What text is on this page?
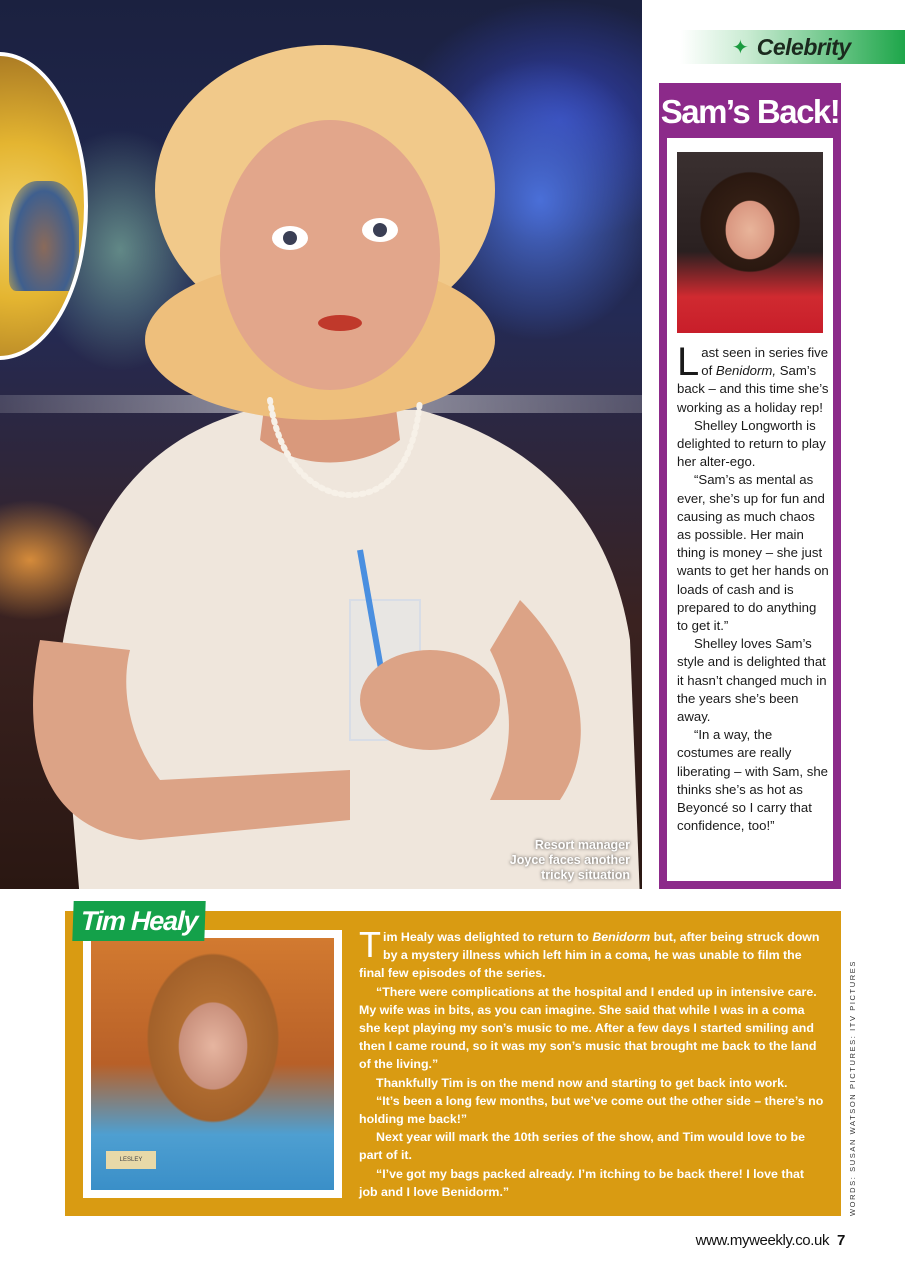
Resort manager
Joyce faces another
tricky situation
✦ Celebrity
Sam’s Back!

Last seen in series five of Benidorm, Sam’s back – and this time she’s working as a holiday rep!

Shelley Longworth is delighted to return to play her alter-ego.

“Sam’s as mental as ever, she’s up for fun and causing as much chaos as possible. Her main thing is money – she just wants to get her hands on loads of cash and is prepared to do anything to get it.”

Shelley loves Sam’s style and is delighted that it hasn’t changed much in the years she’s been away.

“In a way, the costumes are really liberating – with Sam, she thinks she’s as hot as Beyoncé so I carry that confidence, too!”

LESLEY
Tim Healy

Tim Healy was delighted to return to Benidorm but, after being struck down by a mystery illness which left him in a coma, he was unable to film the final few episodes of the series.

“There were complications at the hospital and I ended up in intensive care. My wife was in bits, as you can imagine. She said that while I was in a coma she kept playing my son’s music to me. After a few days I started smiling and then I came round, so it was my son’s music that brought me back to the land of the living.”

Thankfully Tim is on the mend now and starting to get back into work.

“It’s been a long few months, but we’ve come out the other side – there’s no holding me back!”

Next year will mark the 10th series of the show, and Tim would love to be part of it.

“I’ve got my bags packed already. I’m itching to be back there! I love that job and I love Benidorm.”	WORDS: SUSAN WATSON PICTURES: ITV PICTURES
www.myweekly.co.uk 7
